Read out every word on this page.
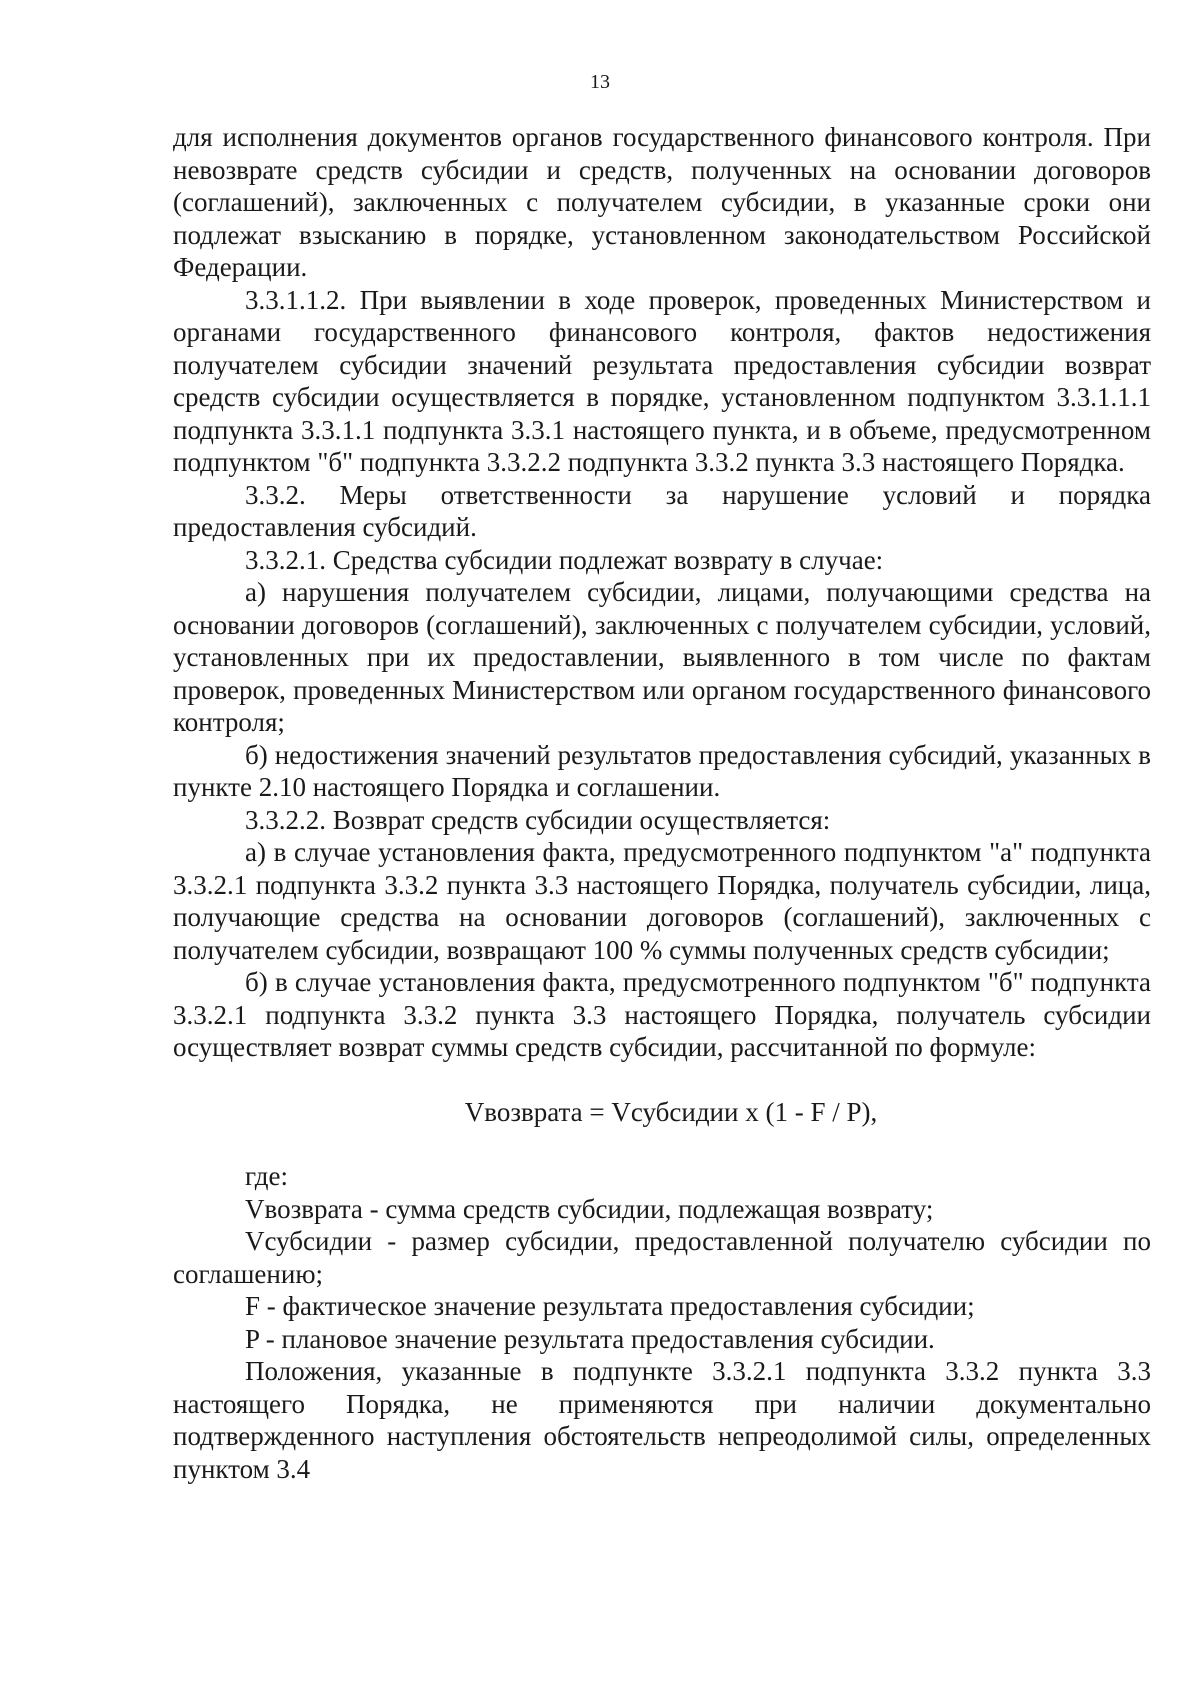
13

для исполнения документов органов государственного финансового контроля. При невозврате средств субсидии и средств, полученных на основании договоров (соглашений), заключенных с получателем субсидии, в указанные сроки они подлежат взысканию в порядке, установленном законодательством Российской Федерации.

3.3.1.1.2. При выявлении в ходе проверок, проведенных Министерством и органами государственного финансового контроля, фактов недостижения получателем субсидии значений результата предоставления субсидии возврат средств субсидии осуществляется в порядке, установленном подпунктом 3.3.1.1.1 подпункта 3.3.1.1 подпункта 3.3.1 настоящего пункта, и в объеме, предусмотренном подпунктом "б" подпункта 3.3.2.2 подпункта 3.3.2 пункта 3.3 настоящего Порядка.

3.3.2. Меры ответственности за нарушение условий и порядка предоставления субсидий.

3.3.2.1. Средства субсидии подлежат возврату в случае:

а) нарушения получателем субсидии, лицами, получающими средства на основании договоров (соглашений), заключенных с получателем субсидии, условий, установленных при их предоставлении, выявленного в том числе по фактам проверок, проведенных Министерством или органом государственного финансового контроля;

б) недостижения значений результатов предоставления субсидий, указанных в пункте 2.10 настоящего Порядка и соглашении.

3.3.2.2. Возврат средств субсидии осуществляется:

а) в случае установления факта, предусмотренного подпунктом "а" подпункта 3.3.2.1 подпункта 3.3.2 пункта 3.3 настоящего Порядка, получатель субсидии, лица, получающие средства на основании договоров (соглашений), заключенных с получателем субсидии, возвращают 100 % суммы полученных средств субсидии;

б) в случае установления факта, предусмотренного подпунктом "б" подпункта 3.3.2.1 подпункта 3.3.2 пункта 3.3 настоящего Порядка, получатель субсидии осуществляет возврат суммы средств субсидии, рассчитанной по формуле:

Vвозврата = Vсубсидии x (1 - F / P),

где:

Vвозврата - сумма средств субсидии, подлежащая возврату;

Vсубсидии - размер субсидии, предоставленной получателю субсидии по соглашению;

F - фактическое значение результата предоставления субсидии;

P - плановое значение результата предоставления субсидии.

Положения, указанные в подпункте 3.3.2.1 подпункта 3.3.2 пункта 3.3 настоящего Порядка, не применяются при наличии документально подтвержденного наступления обстоятельств непреодолимой силы, определенных пунктом 3.4
